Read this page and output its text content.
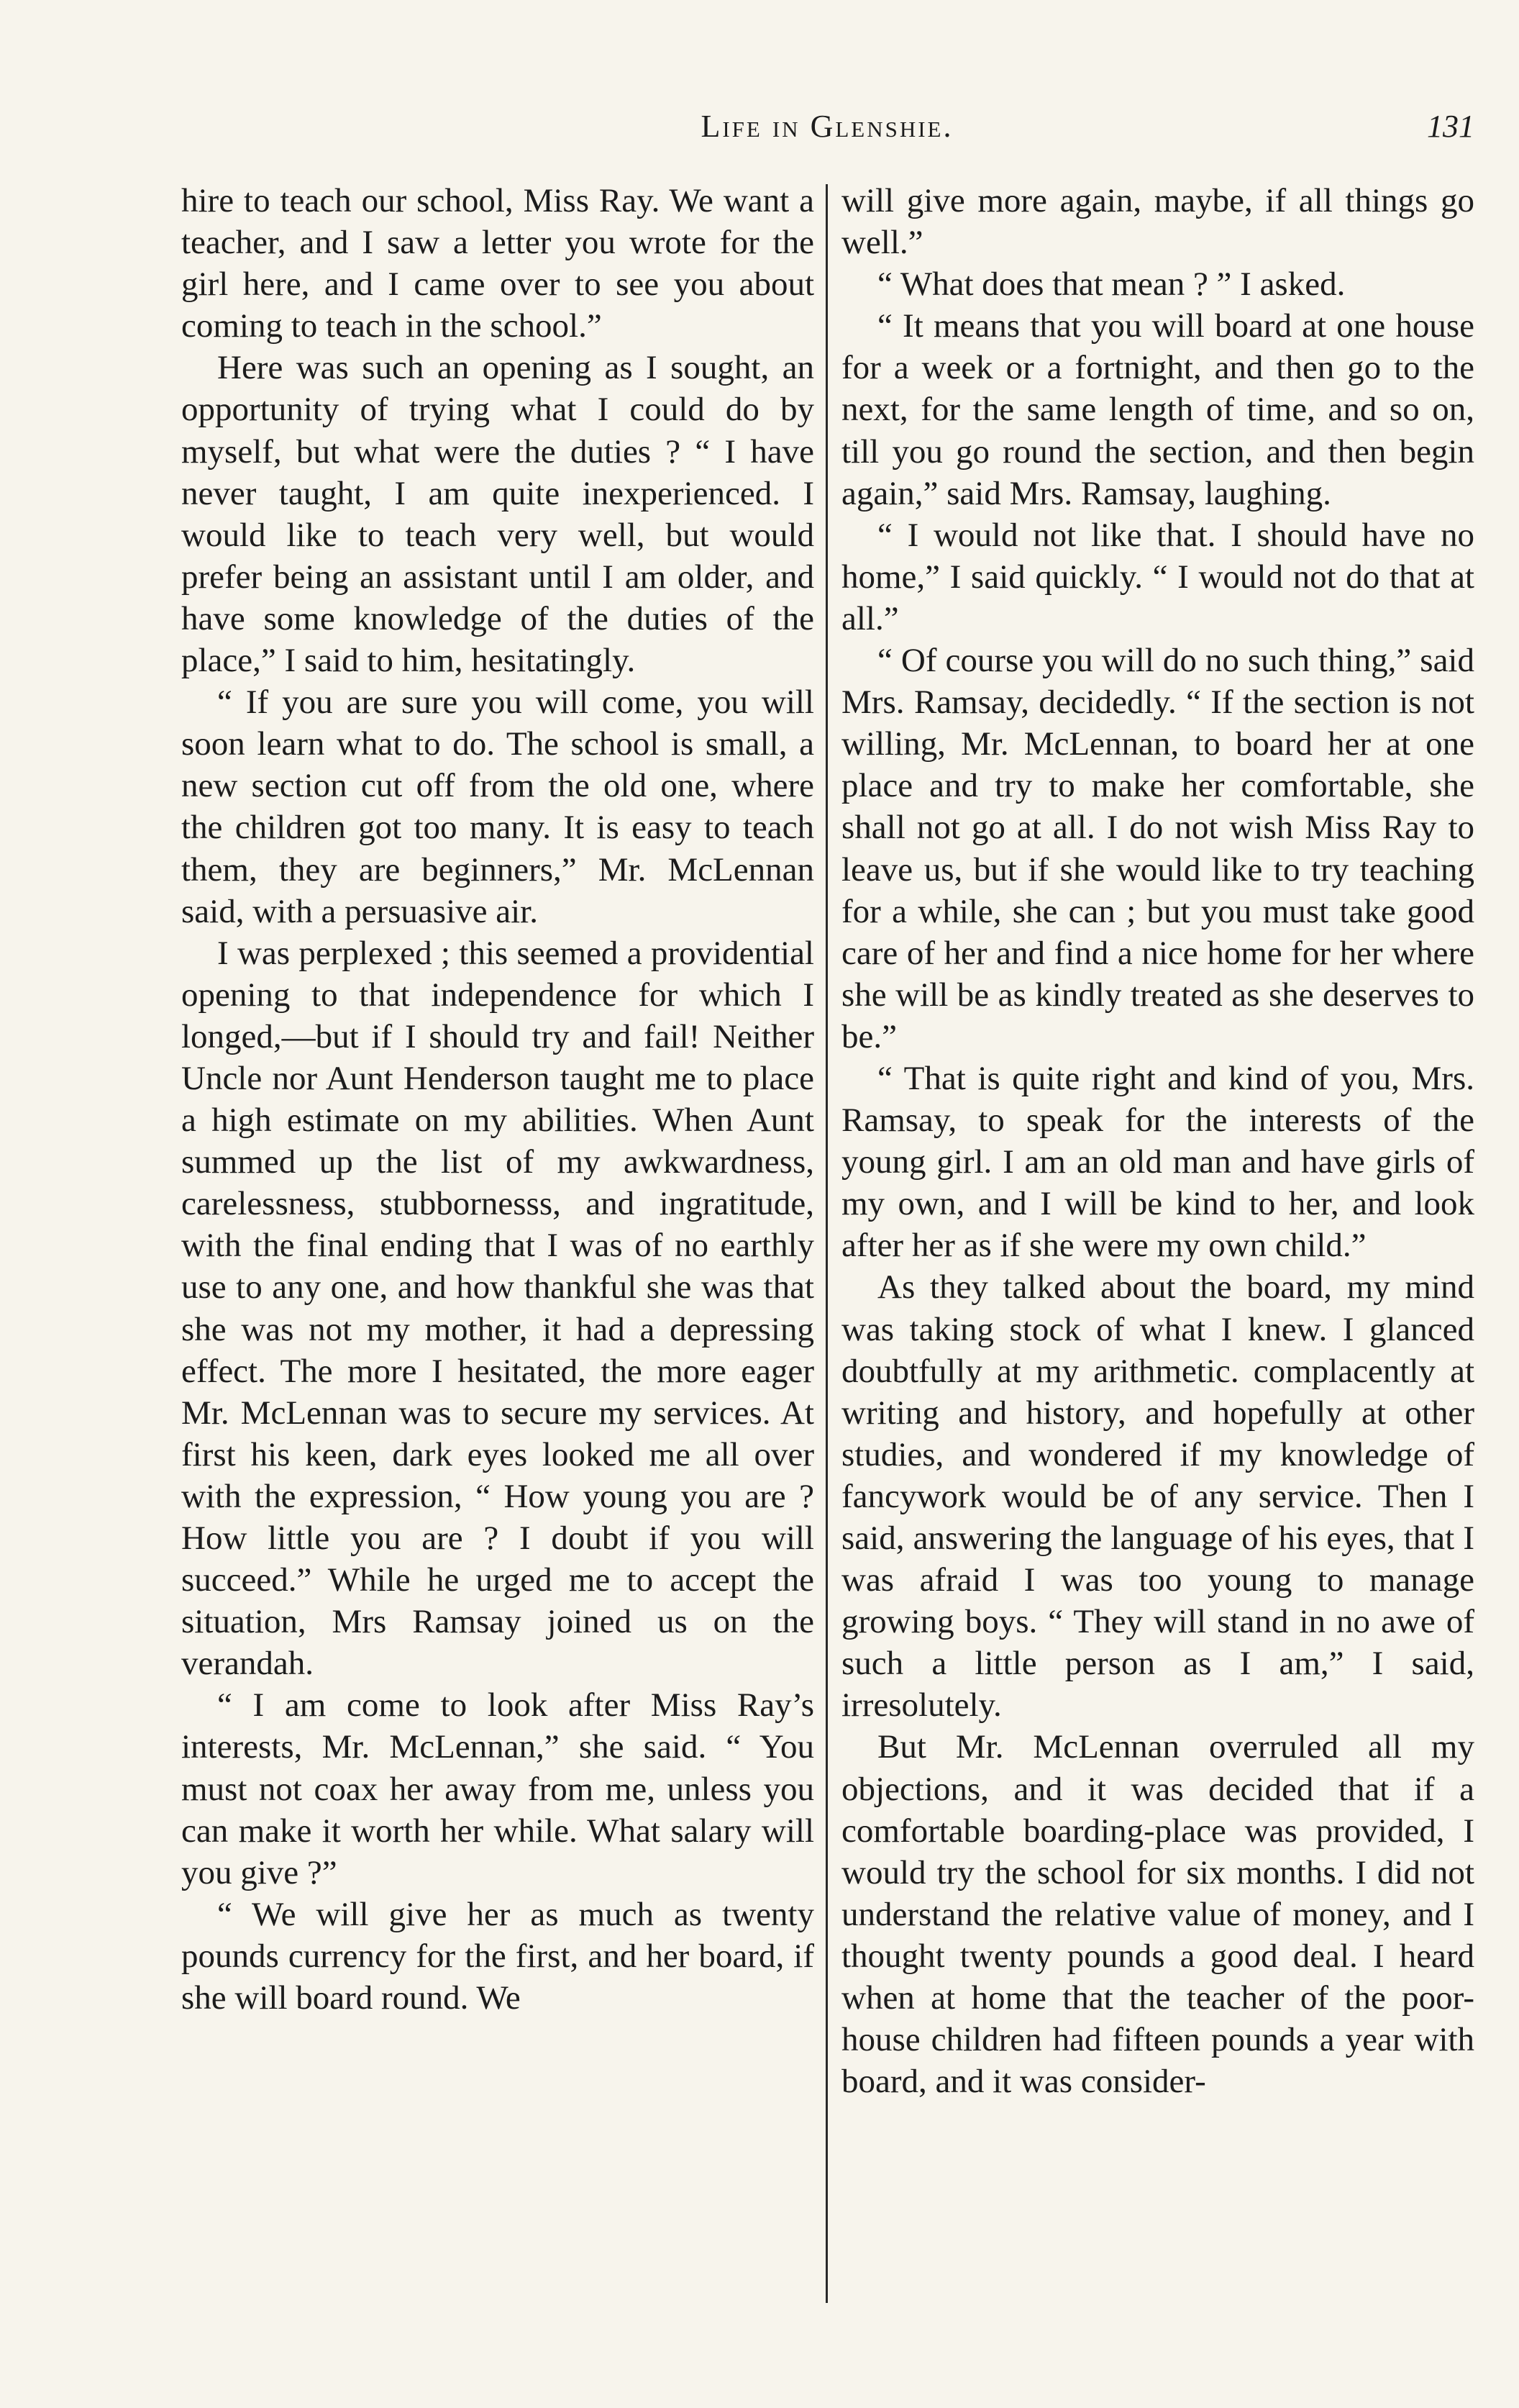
Life in Glenshie.	131

hire to teach our school, Miss Ray. We want a teacher, and I saw a letter you wrote for the girl here, and I came over to see you about coming to teach in the school.”

Here was such an opening as I sought, an opportunity of trying what I could do by myself, but what were the duties ? “ I have never taught, I am quite inexperienced. I would like to teach very well, but would prefer being an assistant until I am older, and have some knowledge of the duties of the place,” I said to him, hesitatingly.

“ If you are sure you will come, you will soon learn what to do. The school is small, a new section cut off from the old one, where the children got too many. It is easy to teach them, they are beginners,” Mr. McLennan said, with a persuasive air.

I was perplexed ; this seemed a providential opening to that independence for which I longed,—but if I should try and fail! Neither Uncle nor Aunt Henderson taught me to place a high estimate on my abilities. When Aunt summed up the list of my awkwardness, carelessness, stubbornesss, and ingratitude, with the final ending that I was of no earthly use to any one, and how thankful she was that she was not my mother, it had a depressing effect. The more I hesitated, the more eager Mr. McLennan was to secure my services. At first his keen, dark eyes looked me all over with the expression, “ How young you are ? How little you are ? I doubt if you will succeed.” While he urged me to accept the situation, Mrs Ramsay joined us on the verandah.

“ I am come to look after Miss Ray’s interests, Mr. McLennan,” she said. “ You must not coax her away from me, unless you can make it worth her while. What salary will you give ?”

“ We will give her as much as twenty pounds currency for the first, and her board, if she will board round. We

will give more again, maybe, if all things go well.”

“ What does that mean ? ” I asked.

“ It means that you will board at one house for a week or a fortnight, and then go to the next, for the same length of time, and so on, till you go round the section, and then begin again,” said Mrs. Ramsay, laughing.

“ I would not like that. I should have no home,” I said quickly. “ I would not do that at all.”

“ Of course you will do no such thing,” said Mrs. Ramsay, decidedly. “ If the section is not willing, Mr. McLennan, to board her at one place and try to make her comfortable, she shall not go at all. I do not wish Miss Ray to leave us, but if she would like to try teaching for a while, she can ; but you must take good care of her and find a nice home for her where she will be as kindly treated as she deserves to be.”

“ That is quite right and kind of you, Mrs. Ramsay, to speak for the interests of the young girl. I am an old man and have girls of my own, and I will be kind to her, and look after her as if she were my own child.”

As they talked about the board, my mind was taking stock of what I knew. I glanced doubtfully at my arithmetic. complacently at writing and history, and hopefully at other studies, and wondered if my knowledge of fancywork would be of any service. Then I said, answering the language of his eyes, that I was afraid I was too young to manage growing boys. “ They will stand in no awe of such a little person as I am,” I said, irresolutely.

But Mr. McLennan overruled all my objections, and it was decided that if a comfortable boarding-place was provided, I would try the school for six months. I did not understand the relative value of money, and I thought twenty pounds a good deal. I heard when at home that the teacher of the poor-house children had fifteen pounds a year with board, and it was consider-
